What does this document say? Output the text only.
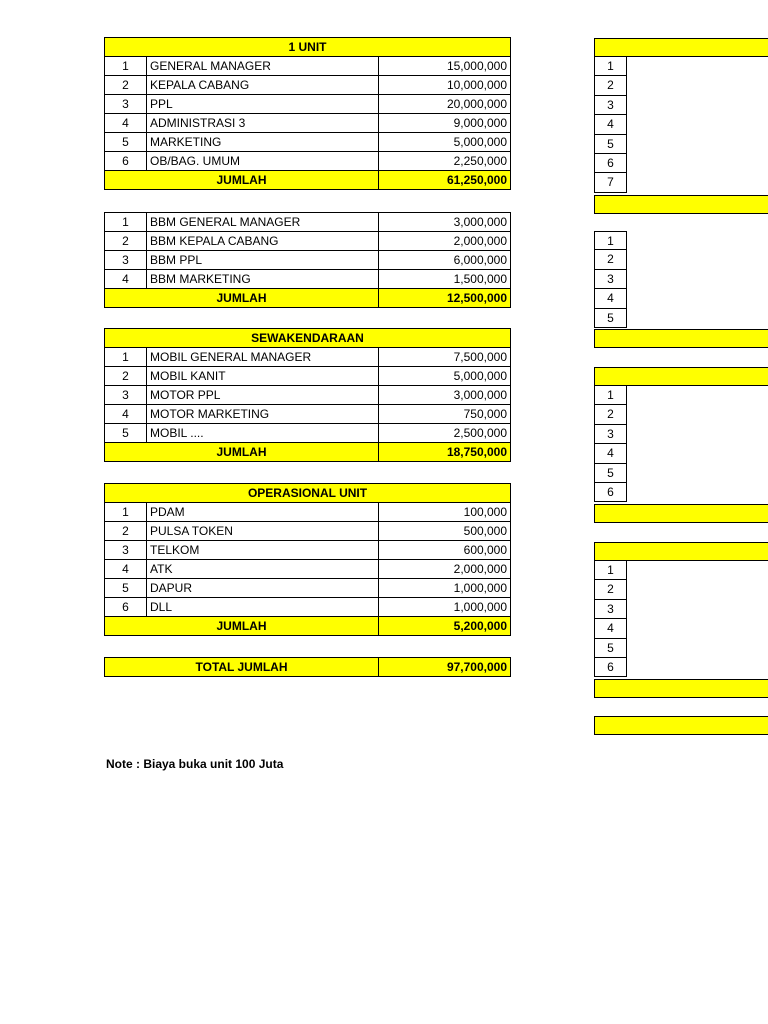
1 UNIT		
1	GENERAL MANAGER	15,000,000
2	KEPALA CABANG	10,000,000
3	PPL	20,000,000
4	ADMINISTRASI 3	9,000,000
5	MARKETING	5,000,000
6	OB/BAG. UMUM	2,250,000
JUMLAH		61,250,000
1	BBM GENERAL MANAGER	3,000,000
2	BBM KEPALA CABANG	2,000,000
3	BBM PPL	6,000,000
4	BBM MARKETING	1,500,000
JUMLAH		12,500,000
SEWAKENDARAAN		
1	MOBIL GENERAL MANAGER	7,500,000
2	MOBIL KANIT	5,000,000
3	MOTOR PPL	3,000,000
4	MOTOR MARKETING	750,000
5	MOBIL ....	2,500,000
JUMLAH		18,750,000
OPERASIONAL UNIT		
1	PDAM	100,000
2	PULSA TOKEN	500,000
3	TELKOM	600,000
4	ATK	2,000,000
5	DAPUR	1,000,000
6	DLL	1,000,000
JUMLAH		5,200,000
TOTAL JUMLAH	97,700,000
Note : Biaya buka unit 100 Juta
1
2
3
4
5
6
7
1
2
3
4
5
1
2
3
4
5
6
1
2
3
4
5
6
